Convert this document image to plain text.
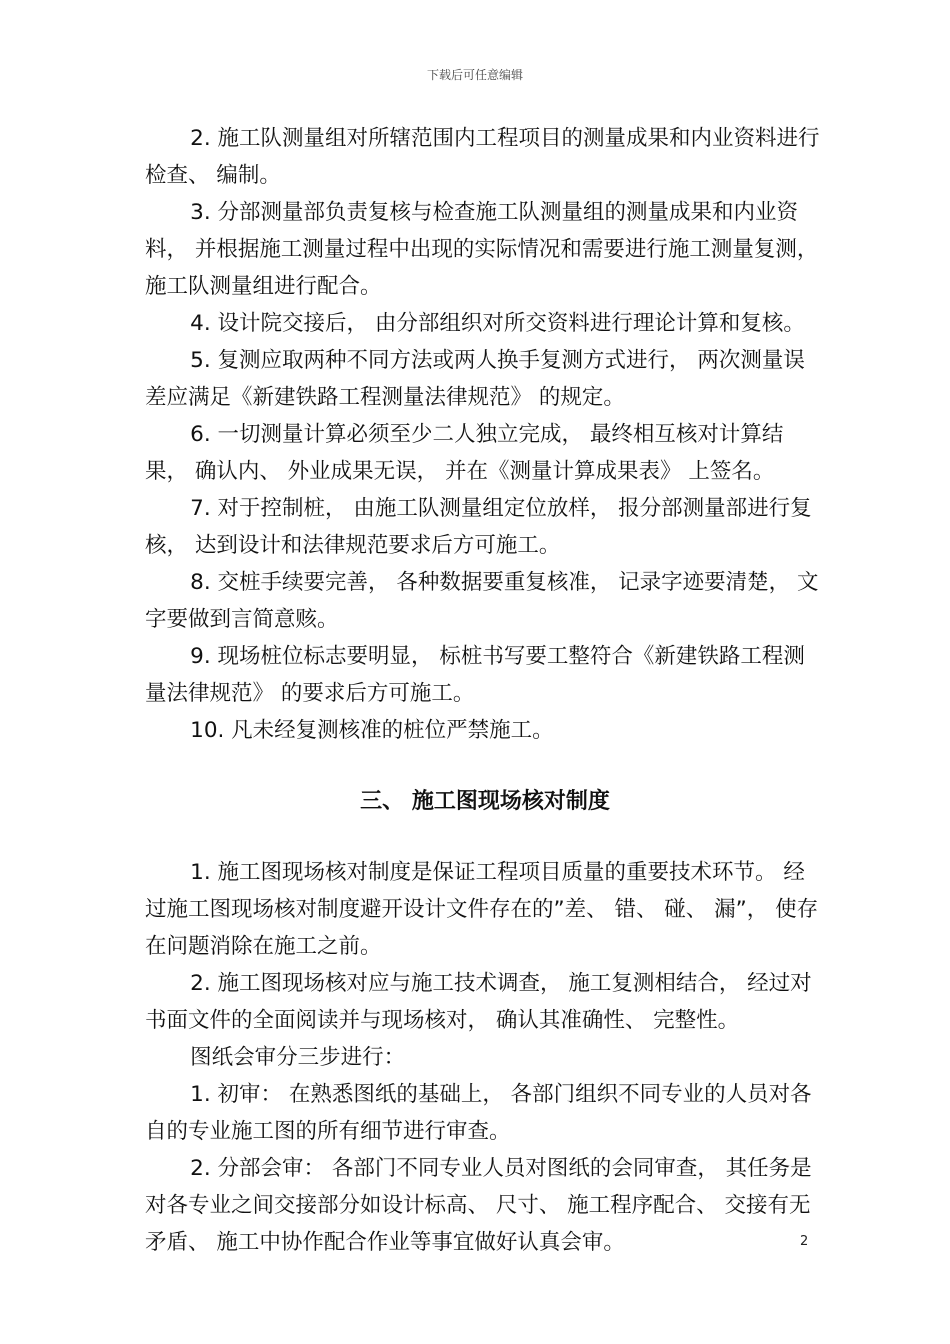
下载后可任意编辑

2. 施工队测量组对所辖范围内工程项目的测量成果和内业资料进行检查、 编制。

3. 分部测量部负责复核与检查施工队测量组的测量成果和内业资料， 并根据施工测量过程中出现的实际情况和需要进行施工测量复测， 施工队测量组进行配合。

4. 设计院交接后， 由分部组织对所交资料进行理论计算和复核。

5. 复测应取两种不同方法或两人换手复测方式进行， 两次测量误差应满足《新建铁路工程测量法律规范》 的规定。

6. 一切测量计算必须至少二人独立完成， 最终相互核对计算结果， 确认内、 外业成果无误， 并在《测量计算成果表》 上签名。

7. 对于控制桩， 由施工队测量组定位放样， 报分部测量部进行复核， 达到设计和法律规范要求后方可施工。

8. 交桩手续要完善， 各种数据要重复核准， 记录字迹要清楚， 文字要做到言简意赅。

9. 现场桩位标志要明显， 标桩书写要工整符合《新建铁路工程测量法律规范》 的要求后方可施工。

10. 凡未经复测核准的桩位严禁施工。

三、 施工图现场核对制度

1. 施工图现场核对制度是保证工程项目质量的重要技术环节。 经过施工图现场核对制度避开设计文件存在的”差、 错、 碰、 漏”， 使存在问题消除在施工之前。

2. 施工图现场核对应与施工技术调查， 施工复测相结合， 经过对书面文件的全面阅读并与现场核对， 确认其准确性、 完整性。

图纸会审分三步进行：

1. 初审： 在熟悉图纸的基础上， 各部门组织不同专业的人员对各自的专业施工图的所有细节进行审查。

2. 分部会审： 各部门不同专业人员对图纸的会同审查， 其任务是对各专业之间交接部分如设计标高、 尺寸、 施工程序配合、 交接有无矛盾、 施工中协作配合作业等事宜做好认真会审。	2
